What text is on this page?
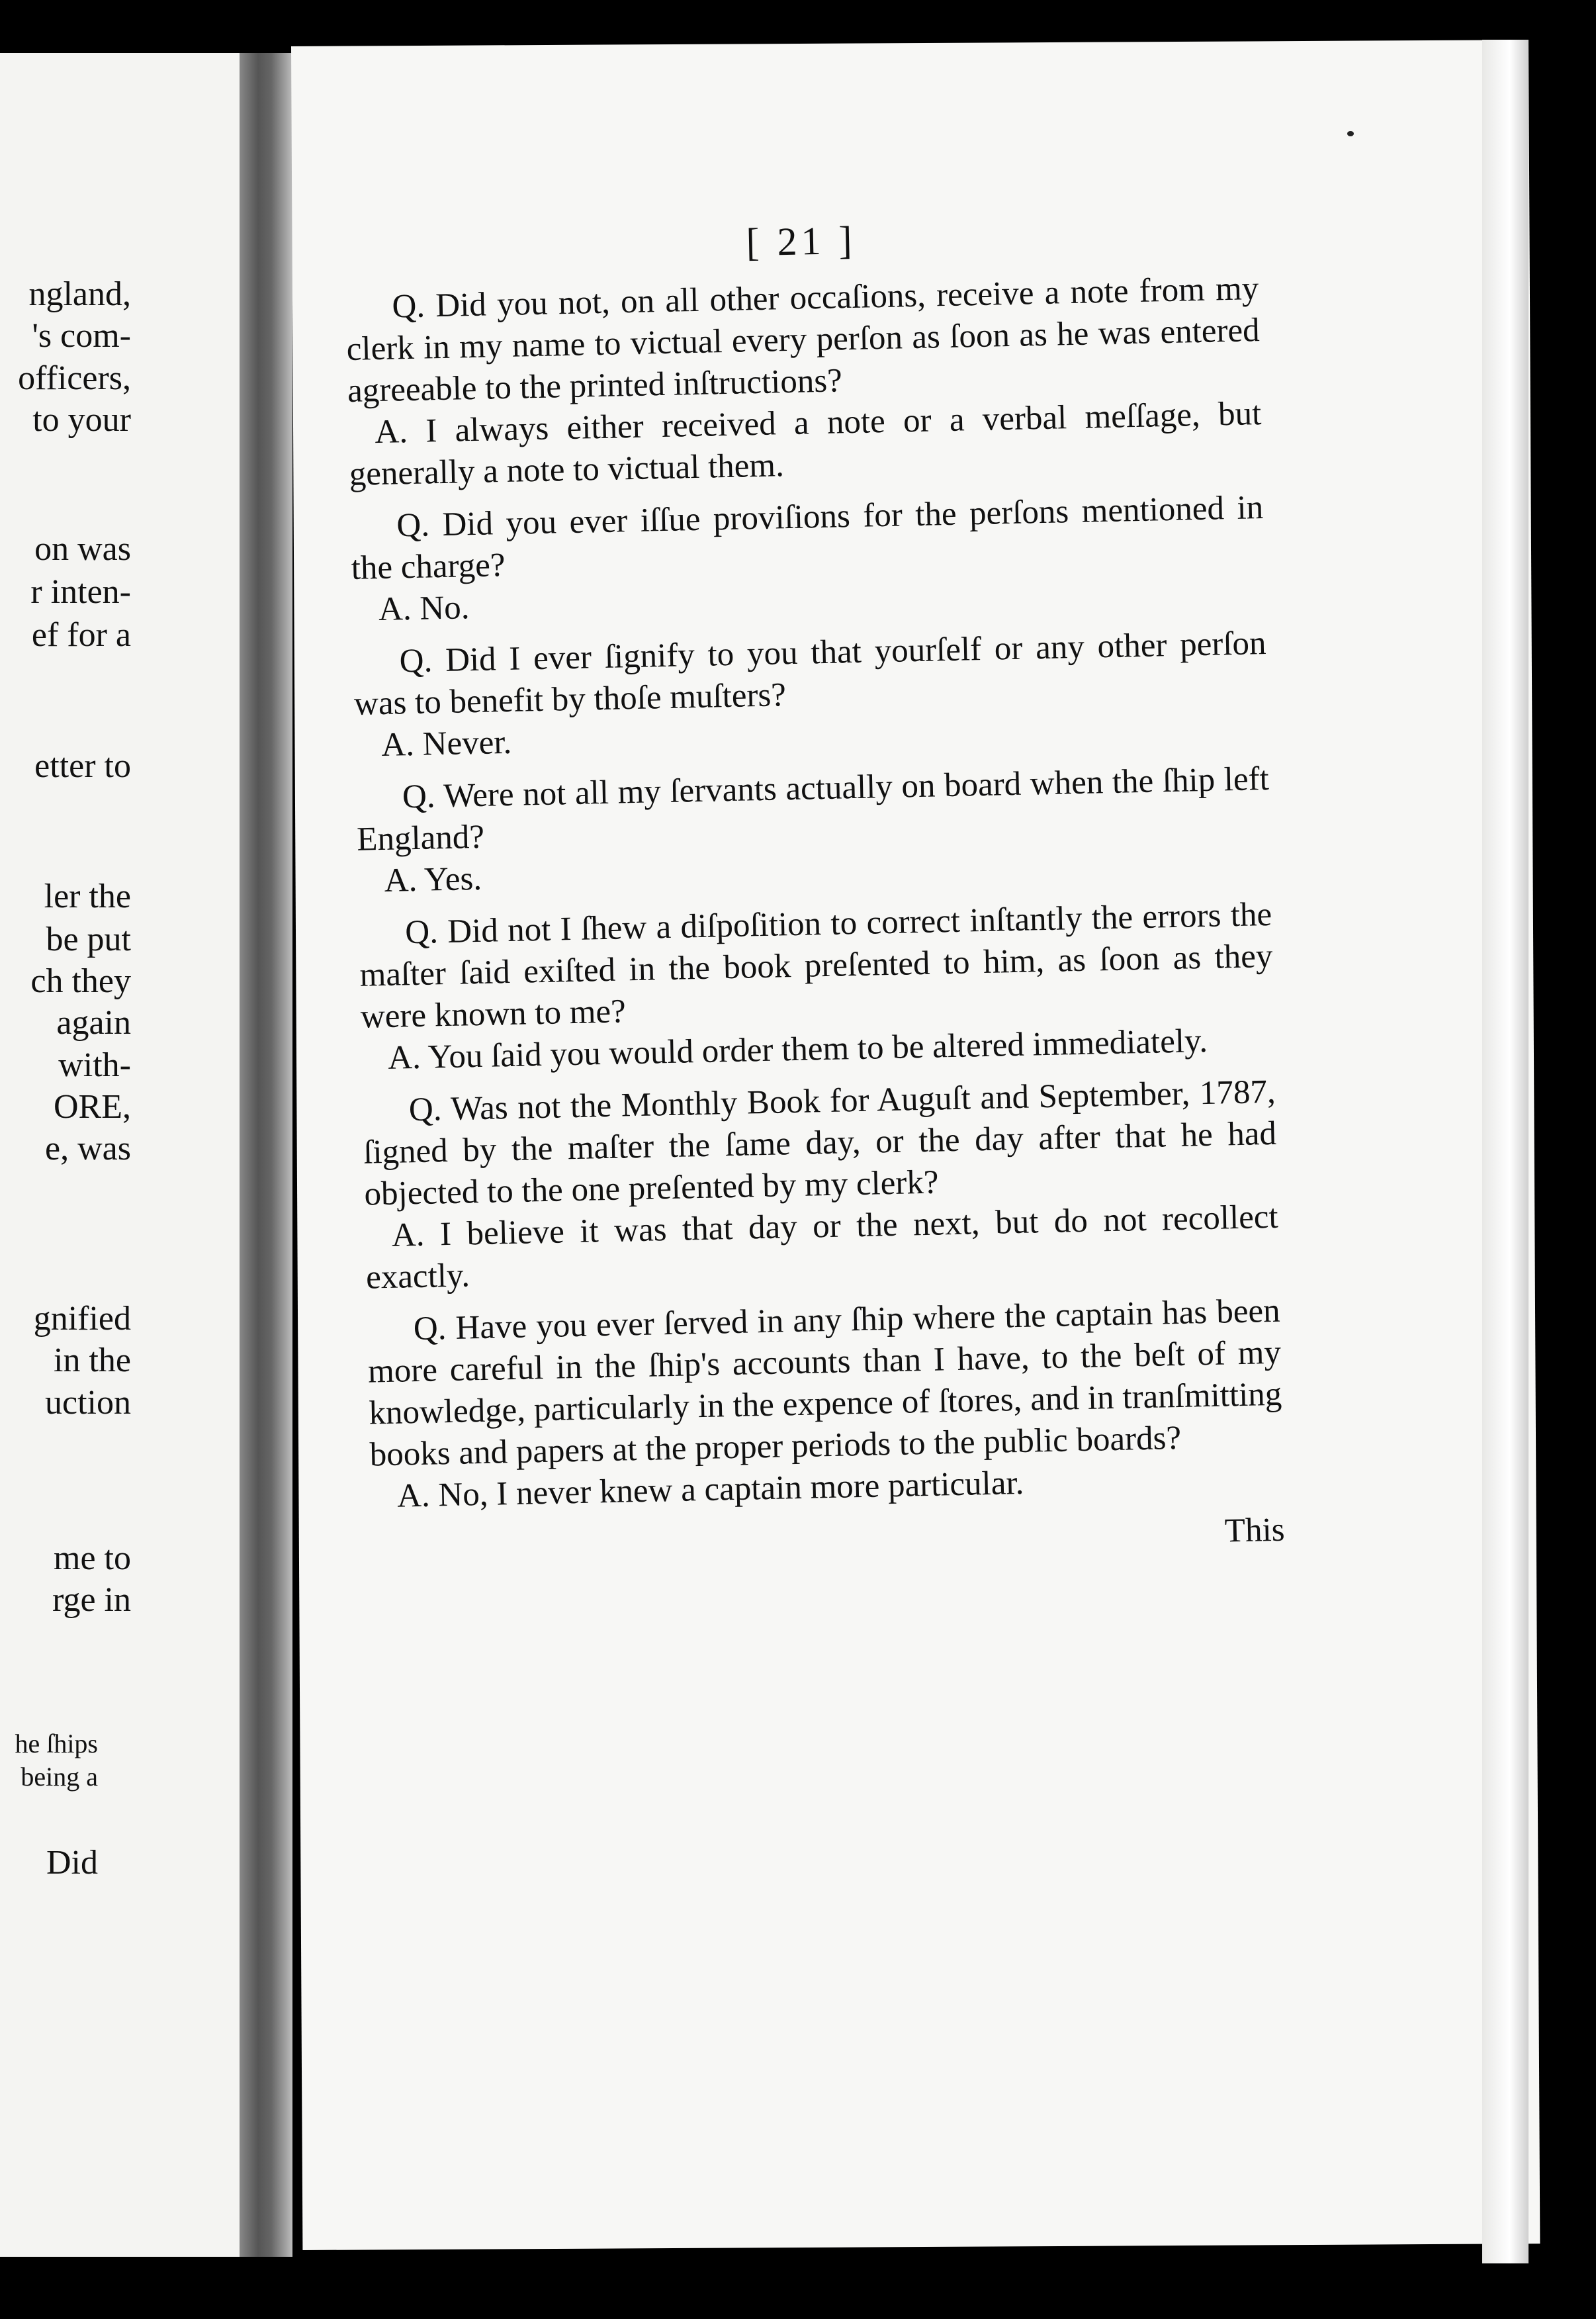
ngland,
's com-
officers,
to your
on was
r inten-
ef for a
etter to
ler the
be put
ch they
again
with-
ORE,
e, was
gnified
in the
uction
me to
rge in
he ſhips
being a
Did
[ 21 ]

Q. Did you not, on all other occaſions, receive a note from my clerk in my name to victual every perſon as ſoon as he was entered agreeable to the printed inſtructions?

A. I always either received a note or a verbal meſſage, but generally a note to victual them.

Q. Did you ever iſſue proviſions for the perſons mentioned in the charge?

A. No.

Q. Did I ever ſignify to you that yourſelf or any other perſon was to benefit by thoſe muſters?

A. Never.

Q. Were not all my ſervants actually on board when the ſhip left England?

A. Yes.

Q. Did not I ſhew a diſpoſition to correct inſtantly the errors the maſter ſaid exiſted in the book preſented to him, as ſoon as they were known to me?

A. You ſaid you would order them to be altered immediately.

Q. Was not the Monthly Book for Auguſt and September, 1787, ſigned by the maſter the ſame day, or the day after that he had objected to the one preſented by my clerk?

A. I believe it was that day or the next, but do not recollect exactly.

Q. Have you ever ſerved in any ſhip where the captain has been more careful in the ſhip's accounts than I have, to the beſt of my knowledge, particularly in the expence of ſtores, and in tranſmitting books and papers at the proper periods to the public boards?

A. No, I never knew a captain more particular.

This
